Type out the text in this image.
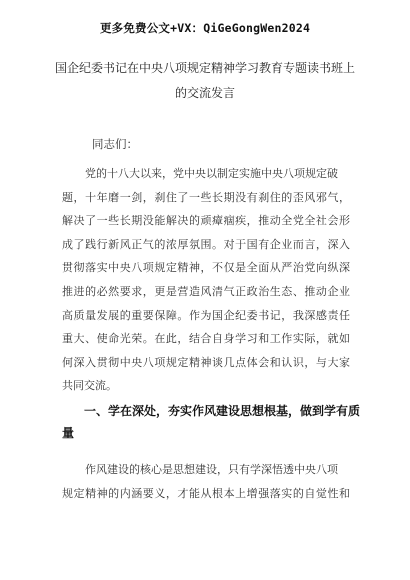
更多免费公文+VX：QiGeGongWen2024
国企纪委书记在中央八项规定精神学习教育专题读书班上
的交流发言
同志们：
党的十八大以来，党中央以制定实施中央八项规定破
题，十年磨一剑，刹住了一些长期没有刹住的歪风邪气，
解决了一些长期没能解决的顽瘴痼疾，推动全党全社会形
成了践行新风正气的浓厚氛围。对于国有企业而言，深入
贯彻落实中央八项规定精神，不仅是全面从严治党向纵深
推进的必然要求，更是营造风清气正政治生态、推动企业
高质量发展的重要保障。作为国企纪委书记，我深感责任
重大、使命光荣。在此，结合自身学习和工作实际，就如
何深入贯彻中央八项规定精神谈几点体会和认识，与大家
共同交流。
一、学在深处，夯实作风建设思想根基，做到学有质
量
作风建设的核心是思想建设，只有学深悟透中央八项
规定精神的内涵要义，才能从根本上增强落实的自觉性和
